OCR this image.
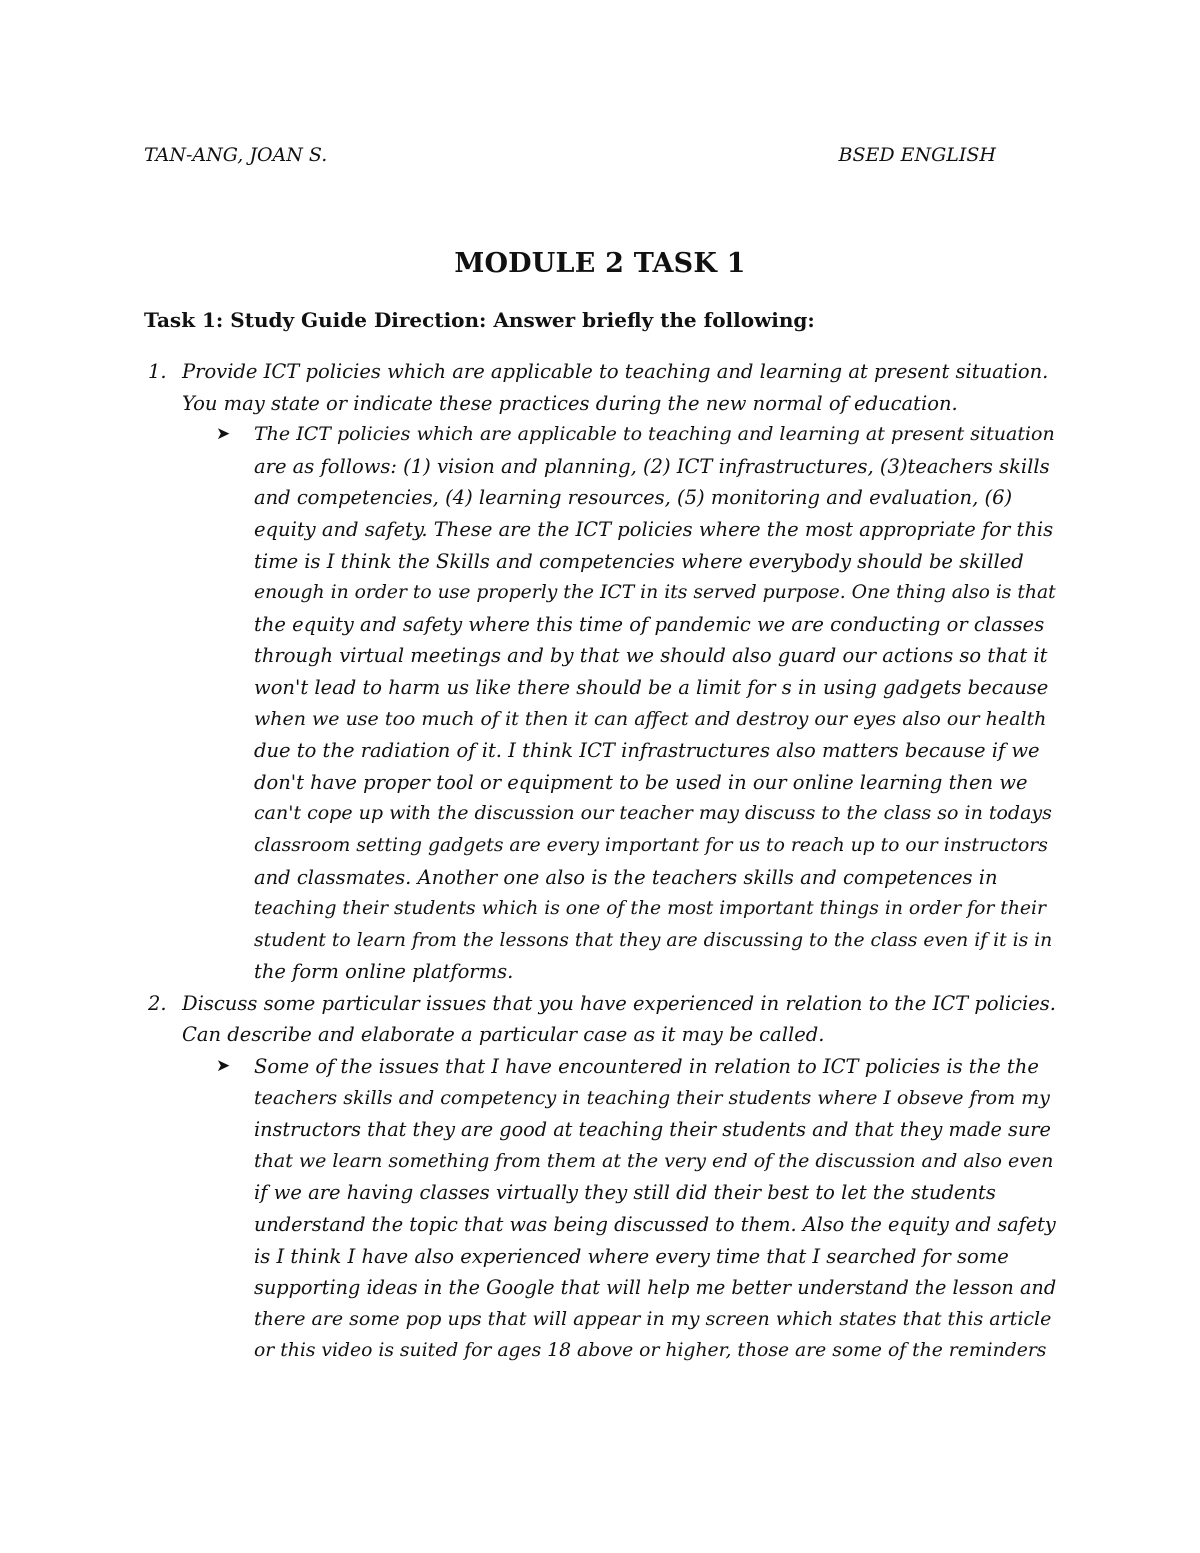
TAN-ANG, JOAN S.	BSED ENGLISH
MODULE 2 TASK 1
Task 1: Study Guide Direction: Answer briefly the following:
1. Provide ICT policies which are applicable to teaching and learning at present situation.
You may state or indicate these practices during the new normal of education.
➤ The ICT policies which are applicable to teaching and learning at present situation
are as follows: (1) vision and planning, (2) ICT infrastructures, (3)teachers skills
and competencies, (4) learning resources, (5) monitoring and evaluation, (6)
equity and safety. These are the ICT policies where the most appropriate for this
time is I think the Skills and competencies where everybody should be skilled
enough in order to use properly the ICT in its served purpose. One thing also is that
the equity and safety where this time of pandemic we are conducting or classes
through virtual meetings and by that we should also guard our actions so that it
won't lead to harm us like there should be a limit for s in using gadgets because
when we use too much of it then it can affect and destroy our eyes also our health
due to the radiation of it. I think ICT infrastructures also matters because if we
don't have proper tool or equipment to be used in our online learning then we
can't cope up with the discussion our teacher may discuss to the class so in todays
classroom setting gadgets are every important for us to reach up to our instructors
and classmates. Another one also is the teachers skills and competences in
teaching their students which is one of the most important things in order for their
student to learn from the lessons that they are discussing to the class even if it is in
the form online platforms.
2. Discuss some particular issues that you have experienced in relation to the ICT policies.
Can describe and elaborate a particular case as it may be called.
➤ Some of the issues that I have encountered in relation to ICT policies is the the
teachers skills and competency in teaching their students where I obseve from my
instructors that they are good at teaching their students and that they made sure
that we learn something from them at the very end of the discussion and also even
if we are having classes virtually they still did their best to let the students
understand the topic that was being discussed to them. Also the equity and safety
is I think I have also experienced where every time that I searched for some
supporting ideas in the Google that will help me better understand the lesson and
there are some pop ups that will appear in my screen which states that this article
or this video is suited for ages 18 above or higher, those are some of the reminders
